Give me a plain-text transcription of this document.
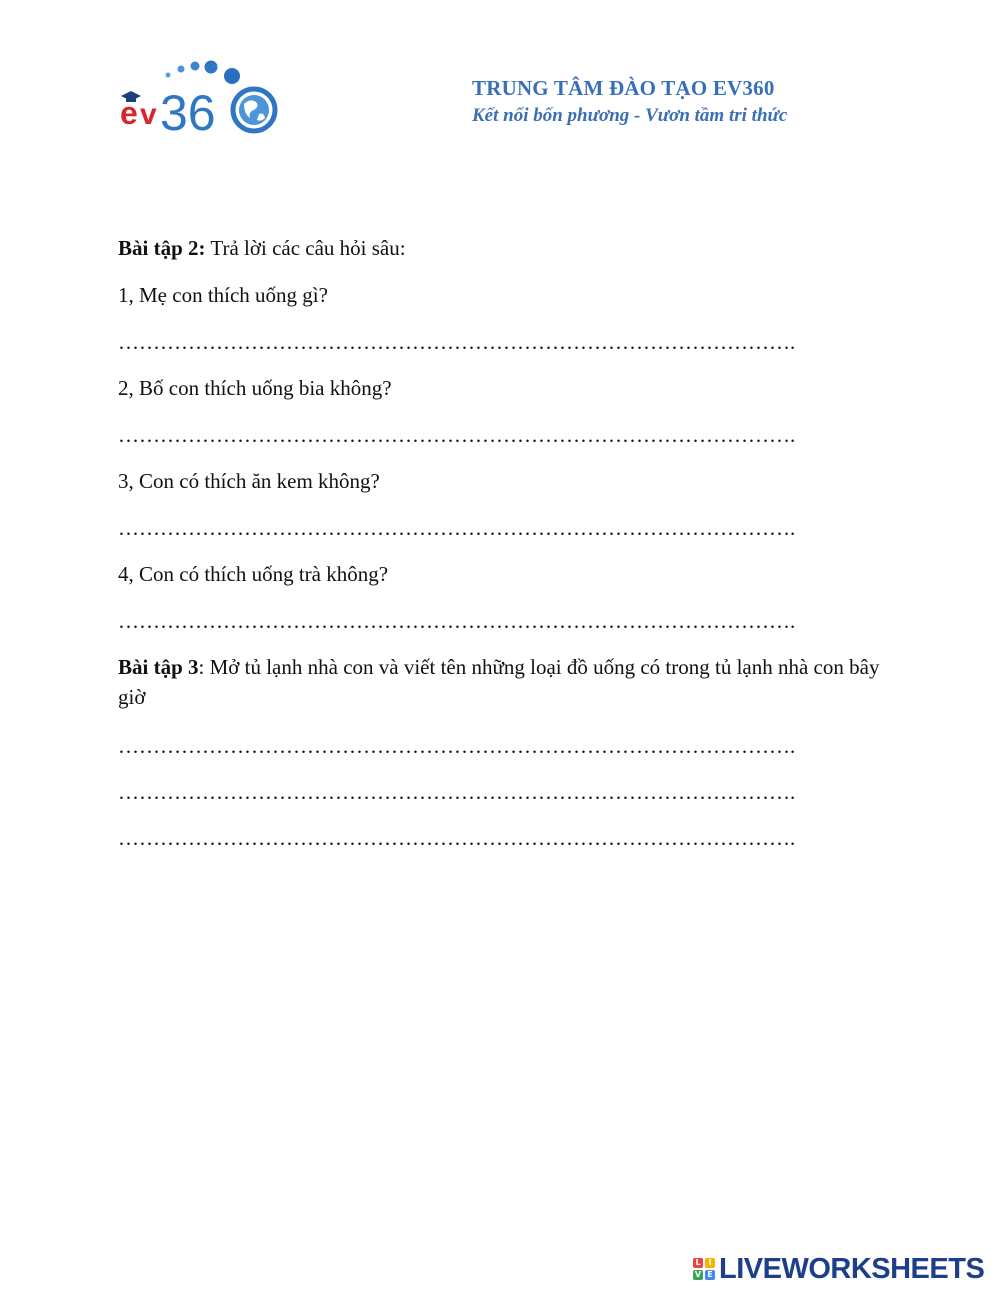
e v 36	TRUNG TÂM ĐÀO TẠO EV360
Kết nối bốn phương - Vươn tầm tri thức
Bài tập 2: Trả lời các câu hỏi sâu:
1, Mẹ con thích uống gì?
…………………………………………………………………………………….
2, Bố con thích uống bia không?
…………………………………………………………………………………….
3, Con có thích ăn kem không?
…………………………………………………………………………………….
4, Con có thích uống trà không?
…………………………………………………………………………………….
Bài tập 3: Mở tủ lạnh nhà con và viết tên những loại đồ uống có trong tủ lạnh nhà con bây giờ
…………………………………………………………………………………….
…………………………………………………………………………………….
…………………………………………………………………………………….
L I
V E LIVEWORKSHEETS
